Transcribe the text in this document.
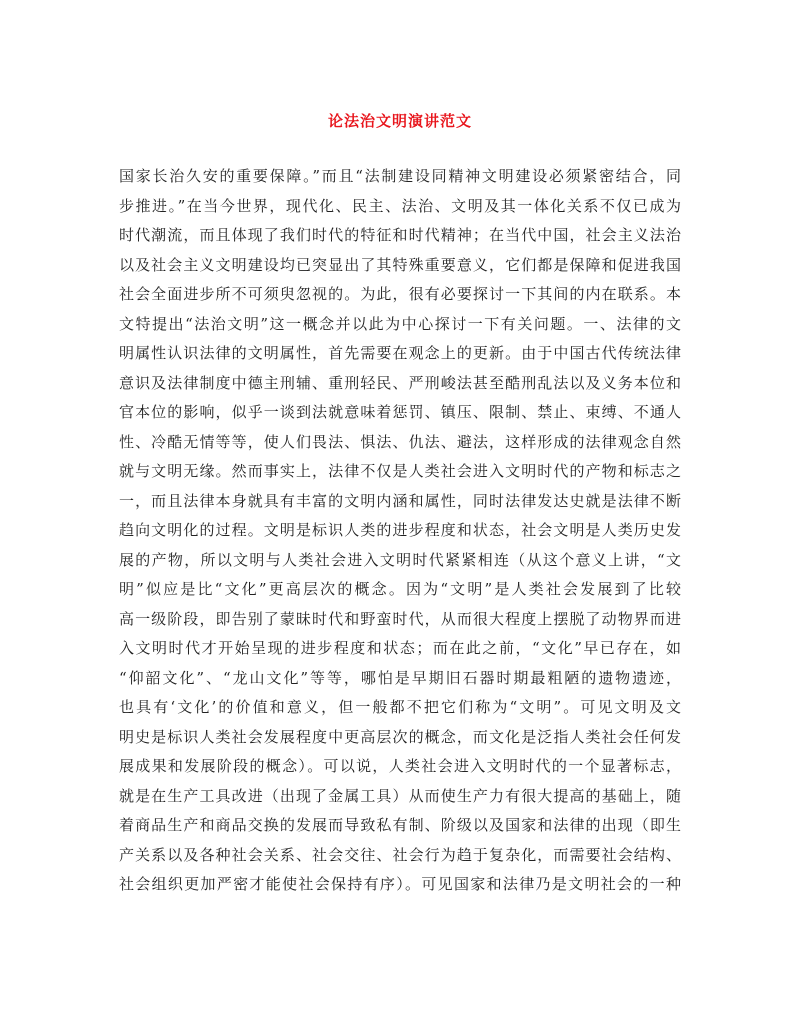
论法治文明演讲范文
国家长治久安的重要保障。”而且“法制建设同精神文明建设必须紧密结合，同
步推进。”在当今世界，现代化、民主、法治、文明及其一体化关系不仅已成为
时代潮流，而且体现了我们时代的特征和时代精神；在当代中国，社会主义法治
以及社会主义文明建设均已突显出了其特殊重要意义，它们都是保障和促进我国
社会全面进步所不可须臾忽视的。为此，很有必要探讨一下其间的内在联系。本
文特提出“法治文明”这一概念并以此为中心探讨一下有关问题。一、法律的文
明属性认识法律的文明属性，首先需要在观念上的更新。由于中国古代传统法律
意识及法律制度中德主刑辅、重刑轻民、严刑峻法甚至酷刑乱法以及义务本位和
官本位的影响，似乎一谈到法就意味着惩罚、镇压、限制、禁止、束缚、不通人
性、冷酷无情等等，使人们畏法、惧法、仇法、避法，这样形成的法律观念自然
就与文明无缘。然而事实上，法律不仅是人类社会进入文明时代的产物和标志之
一，而且法律本身就具有丰富的文明内涵和属性，同时法律发达史就是法律不断
趋向文明化的过程。文明是标识人类的进步程度和状态，社会文明是人类历史发
展的产物，所以文明与人类社会进入文明时代紧紧相连（从这个意义上讲，“文
明”似应是比“文化”更高层次的概念。因为“文明”是人类社会发展到了比较
高一级阶段，即告别了蒙昧时代和野蛮时代，从而很大程度上摆脱了动物界而进
入文明时代才开始呈现的进步程度和状态；而在此之前，“文化”早已存在，如
“仰韶文化”、“龙山文化”等等，哪怕是早期旧石器时期最粗陋的遗物遗迹，
也具有‘文化’的价值和意义，但一般都不把它们称为“文明”。可见文明及文
明史是标识人类社会发展程度中更高层次的概念，而文化是泛指人类社会任何发
展成果和发展阶段的概念）。可以说，人类社会进入文明时代的一个显著标志，
就是在生产工具改进（出现了金属工具）从而使生产力有很大提高的基础上，随
着商品生产和商品交换的发展而导致私有制、阶级以及国家和法律的出现（即生
产关系以及各种社会关系、社会交往、社会行为趋于复杂化，而需要社会结构、
社会组织更加严密才能使社会保持有序）。可见国家和法律乃是文明社会的一种
